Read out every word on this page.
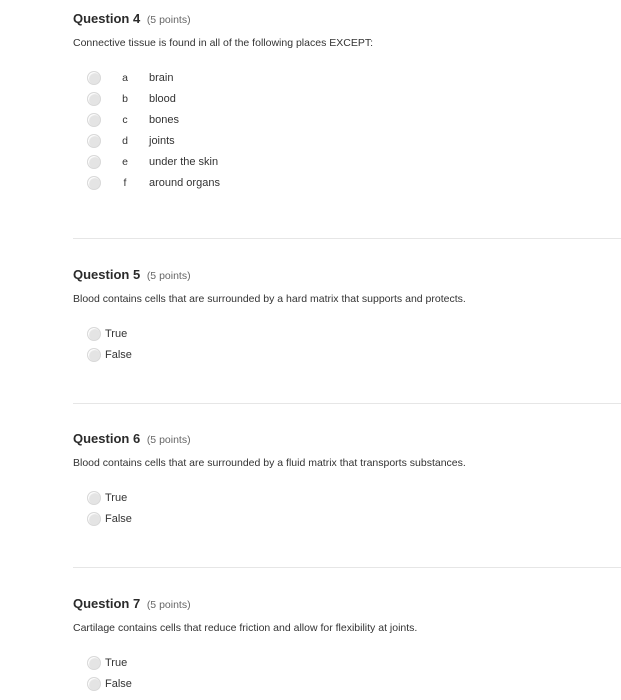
Question 4 (5 points)
Connective tissue is found in all of the following places EXCEPT:
a	brain
b	blood
c	bones
d	joints
e	under the skin
f	around organs
Question 5 (5 points)
Blood contains cells that are surrounded by a hard matrix that supports and protects.
True
False
Question 6 (5 points)
Blood contains cells that are surrounded by a fluid matrix that transports substances.
True
False
Question 7 (5 points)
Cartilage contains cells that reduce friction and allow for flexibility at joints.
True
False
